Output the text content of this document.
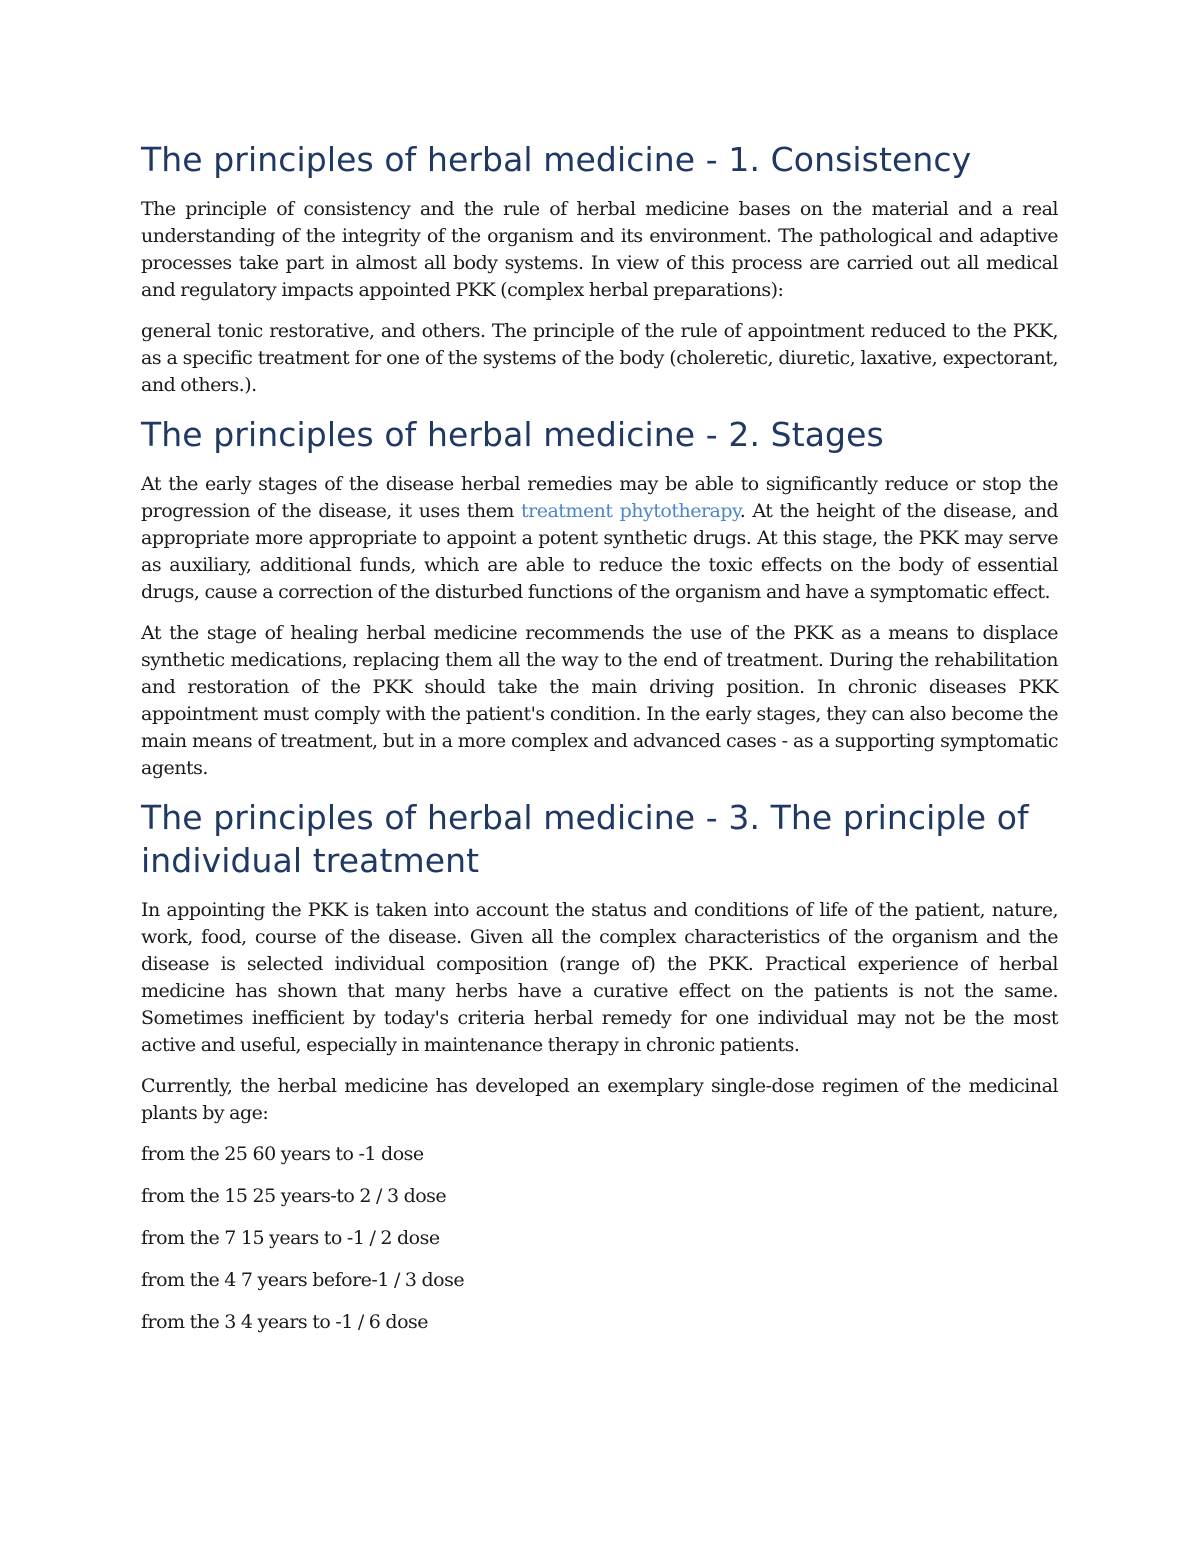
The principles of herbal medicine - 1. Consistency

The principle of consistency and the rule of herbal medicine bases on the material and a real understanding of the integrity of the organism and its environment. The pathological and adaptive processes take part in almost all body systems. In view of this process are carried out all medical and regulatory impacts appointed PKK (complex herbal preparations):

general tonic restorative, and others. The principle of the rule of appointment reduced to the PKK, as a specific treatment for one of the systems of the body (choleretic, diuretic, laxative, expectorant, and others.).

The principles of herbal medicine - 2. Stages

At the early stages of the disease herbal remedies may be able to significantly reduce or stop the progression of the disease, it uses them treatment phytotherapy. At the height of the disease, and appropriate more appropriate to appoint a potent synthetic drugs. At this stage, the PKK may serve as auxiliary, additional funds, which are able to reduce the toxic effects on the body of essential drugs, cause a correction of the disturbed functions of the organism and have a symptomatic effect.

At the stage of healing herbal medicine recommends the use of the PKK as a means to displace synthetic medications, replacing them all the way to the end of treatment. During the rehabilitation and restoration of the PKK should take the main driving position. In chronic diseases PKK appointment must comply with the patient's condition. In the early stages, they can also become the main means of treatment, but in a more complex and advanced cases - as a supporting symptomatic agents.

The principles of herbal medicine - 3. The principle of individual treatment

In appointing the PKK is taken into account the status and conditions of life of the patient, nature, work, food, course of the disease. Given all the complex characteristics of the organism and the disease is selected individual composition (range of) the PKK. Practical experience of herbal medicine has shown that many herbs have a curative effect on the patients is not the same. Sometimes inefficient by today's criteria herbal remedy for one individual may not be the most active and useful, especially in maintenance therapy in chronic patients.

Currently, the herbal medicine has developed an exemplary single-dose regimen of the medicinal plants by age:

from the 25 60 years to -1 dose

from the 15 25 years-to 2 / 3 dose

from the 7 15 years to -1 / 2 dose

from the 4 7 years before-1 / 3 dose

from the 3 4 years to -1 / 6 dose
